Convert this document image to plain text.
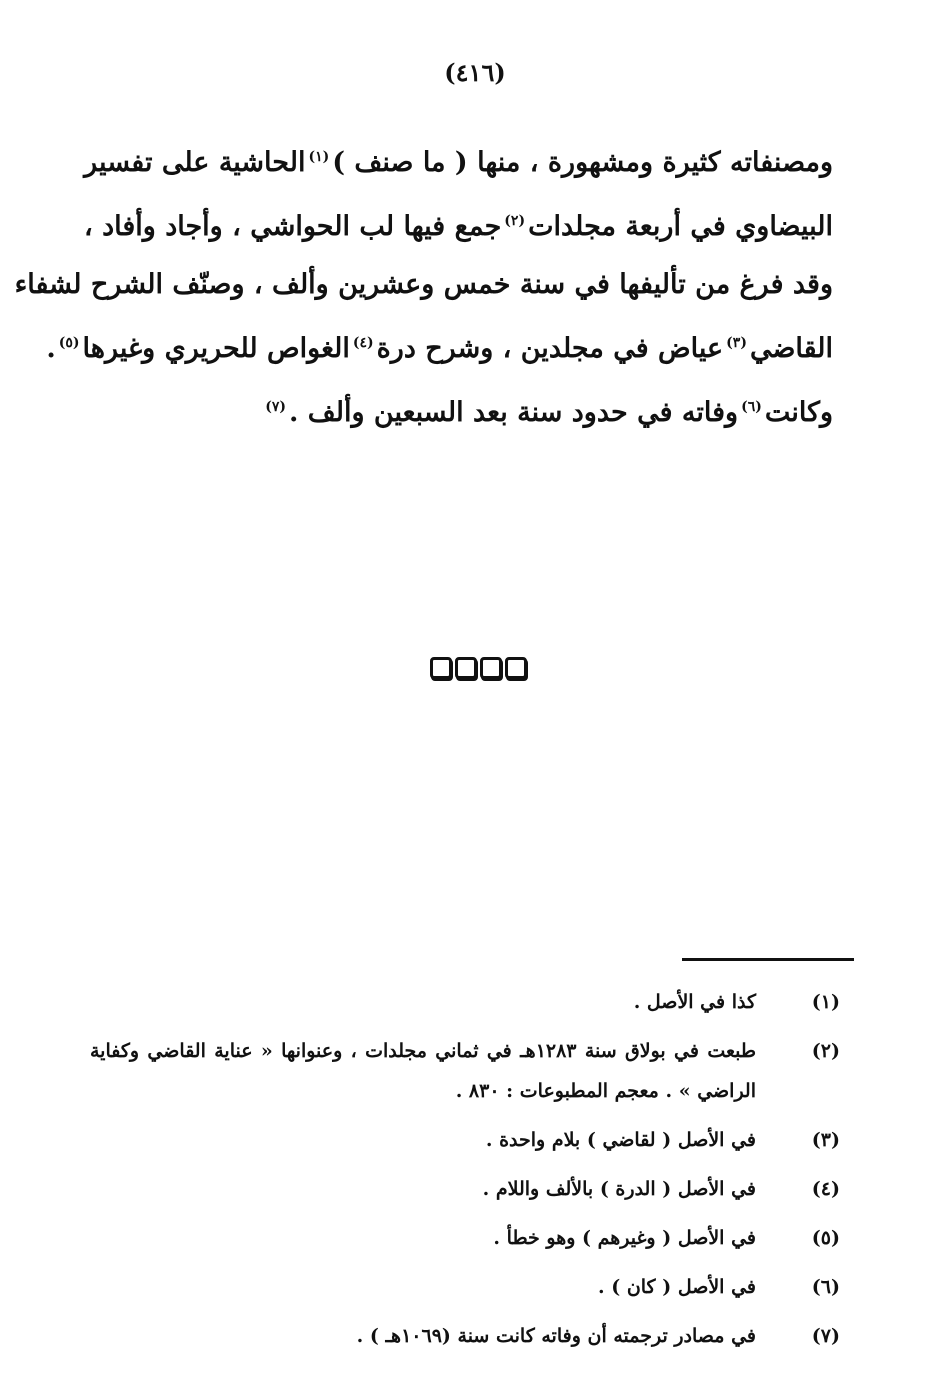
(٤١٦)
ومصنفاته كثيرة ومشهورة ، منها ( ما صنف )$^{(١)}$الحاشية على تفسير
البيضاوي في أربعة مجلدات$^{(٢)}$جمع فيها لب الحواشي ، وأجاد وأفاد ،
وقد فرغ من تأليفها في سنة خمس وعشرين وألف ، وصنّف الشرح لشفاء
القاضي$^{(٣)}$عياض في مجلدين ، وشرح درة$^{(٤)}$الغواص للحريري وغيرها$^{(٥)}$.
وكانت$^{(٦)}$وفاته في حدود سنة بعد السبعين وألف .$^{(٧)}$
(١)
كذا في الأصل .
(٢)
طبعت في بولاق سنة ١٢٨٣هـ في ثماني مجلدات ، وعنوانها « عناية القاضي وكفاية الراضي » . معجم المطبوعات : ٨٣٠ .
(٣)
في الأصل ( لقاضي ) بلام واحدة .
(٤)
في الأصل ( الدرة ) بالألف واللام .
(٥)
في الأصل ( وغيرهم ) وهو خطأ .
(٦)
في الأصل ( كان ) .
(٧)
في مصادر ترجمته أن وفاته كانت سنة (١٠٦٩هـ ) .
